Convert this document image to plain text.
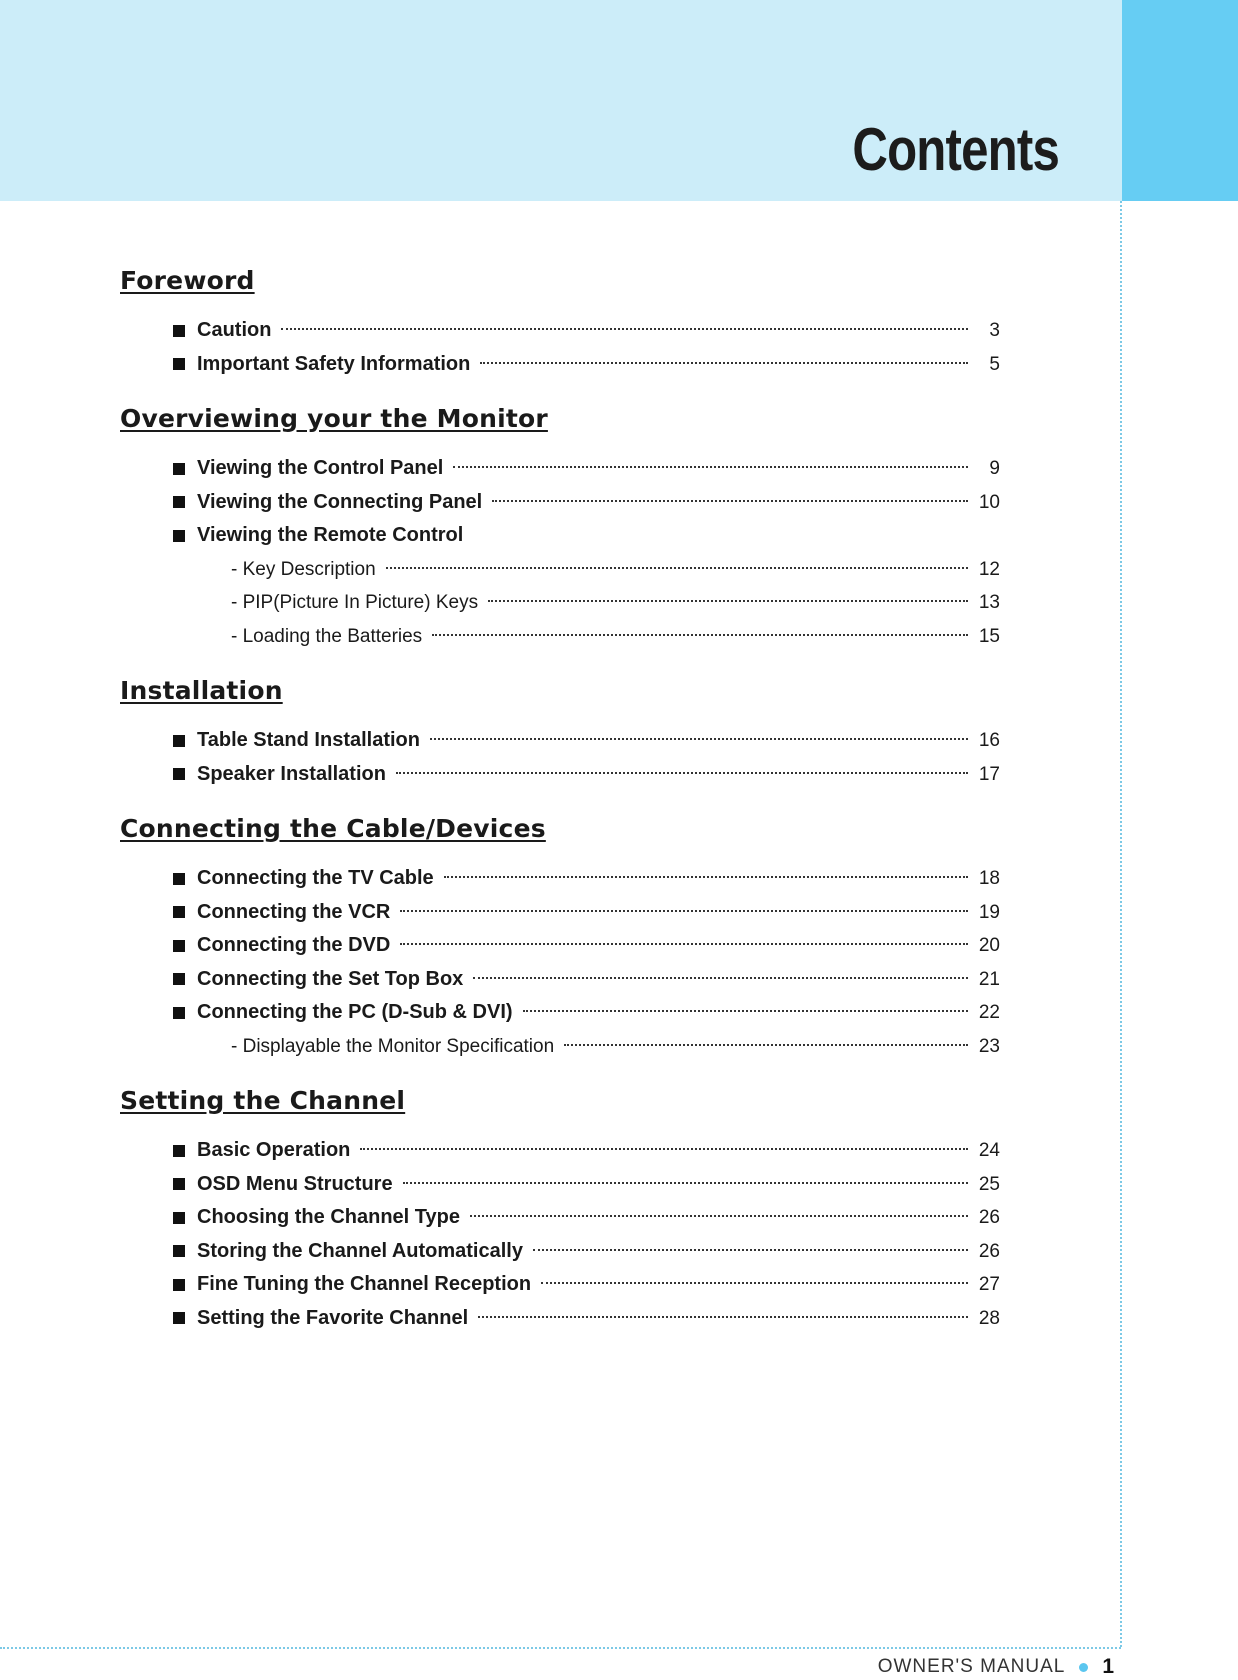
Contents
Foreword
Caution	3
Important Safety Information	5
Overviewing your the Monitor
Viewing the Control Panel	9
Viewing the Connecting Panel	10
Viewing the Remote Control
- Key Description	12
- PIP(Picture In Picture) Keys	13
- Loading the Batteries	15
Installation
Table Stand Installation	16
Speaker Installation	17
Connecting the Cable/Devices
Connecting the TV Cable	18
Connecting the VCR	19
Connecting the DVD	20
Connecting the Set Top Box	21
Connecting the PC (D-Sub & DVI)	22
- Displayable the Monitor Specification	23
Setting the Channel
Basic Operation	24
OSD Menu Structure	25
Choosing the Channel Type	26
Storing the Channel Automatically	26
Fine Tuning the Channel Reception	27
Setting the Favorite Channel	28
OWNER'S MANUAL 1
